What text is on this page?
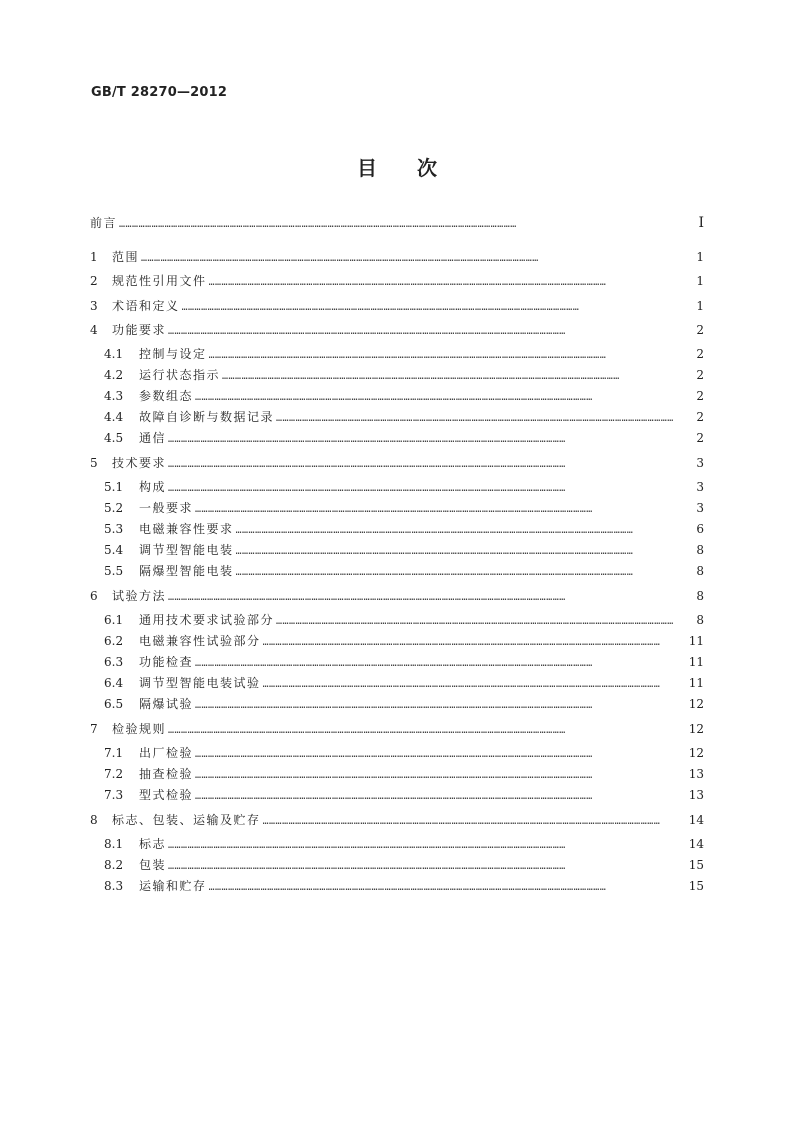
GB/T 28270—2012
目 次
前言 …………………………………………………………………………………………………………………………………………………………………	Ⅰ
1	范围 …………………………………………………………………………………………………………………………………………………………………	1
2	规范性引用文件 …………………………………………………………………………………………………………………………………………………………………	1
3	术语和定义 …………………………………………………………………………………………………………………………………………………………………	1
4	功能要求 …………………………………………………………………………………………………………………………………………………………………	2
4.1	控制与设定 …………………………………………………………………………………………………………………………………………………………………	2
4.2	运行状态指示 …………………………………………………………………………………………………………………………………………………………………	2
4.3	参数组态 …………………………………………………………………………………………………………………………………………………………………	2
4.4	故障自诊断与数据记录 …………………………………………………………………………………………………………………………………………………………………	2
4.5	通信 …………………………………………………………………………………………………………………………………………………………………	2
5	技术要求 …………………………………………………………………………………………………………………………………………………………………	3
5.1	构成 …………………………………………………………………………………………………………………………………………………………………	3
5.2	一般要求 …………………………………………………………………………………………………………………………………………………………………	3
5.3	电磁兼容性要求 …………………………………………………………………………………………………………………………………………………………………	6
5.4	调节型智能电装 …………………………………………………………………………………………………………………………………………………………………	8
5.5	隔爆型智能电装 …………………………………………………………………………………………………………………………………………………………………	8
6	试验方法 …………………………………………………………………………………………………………………………………………………………………	8
6.1	通用技术要求试验部分 …………………………………………………………………………………………………………………………………………………………………	8
6.2	电磁兼容性试验部分 …………………………………………………………………………………………………………………………………………………………………	11
6.3	功能检查 …………………………………………………………………………………………………………………………………………………………………	11
6.4	调节型智能电装试验 …………………………………………………………………………………………………………………………………………………………………	11
6.5	隔爆试验 …………………………………………………………………………………………………………………………………………………………………	12
7	检验规则 …………………………………………………………………………………………………………………………………………………………………	12
7.1	出厂检验 …………………………………………………………………………………………………………………………………………………………………	12
7.2	抽查检验 …………………………………………………………………………………………………………………………………………………………………	13
7.3	型式检验 …………………………………………………………………………………………………………………………………………………………………	13
8	标志、包装、运输及贮存 …………………………………………………………………………………………………………………………………………………………………	14
8.1	标志 …………………………………………………………………………………………………………………………………………………………………	14
8.2	包装 …………………………………………………………………………………………………………………………………………………………………	15
8.3	运输和贮存 …………………………………………………………………………………………………………………………………………………………………	15
